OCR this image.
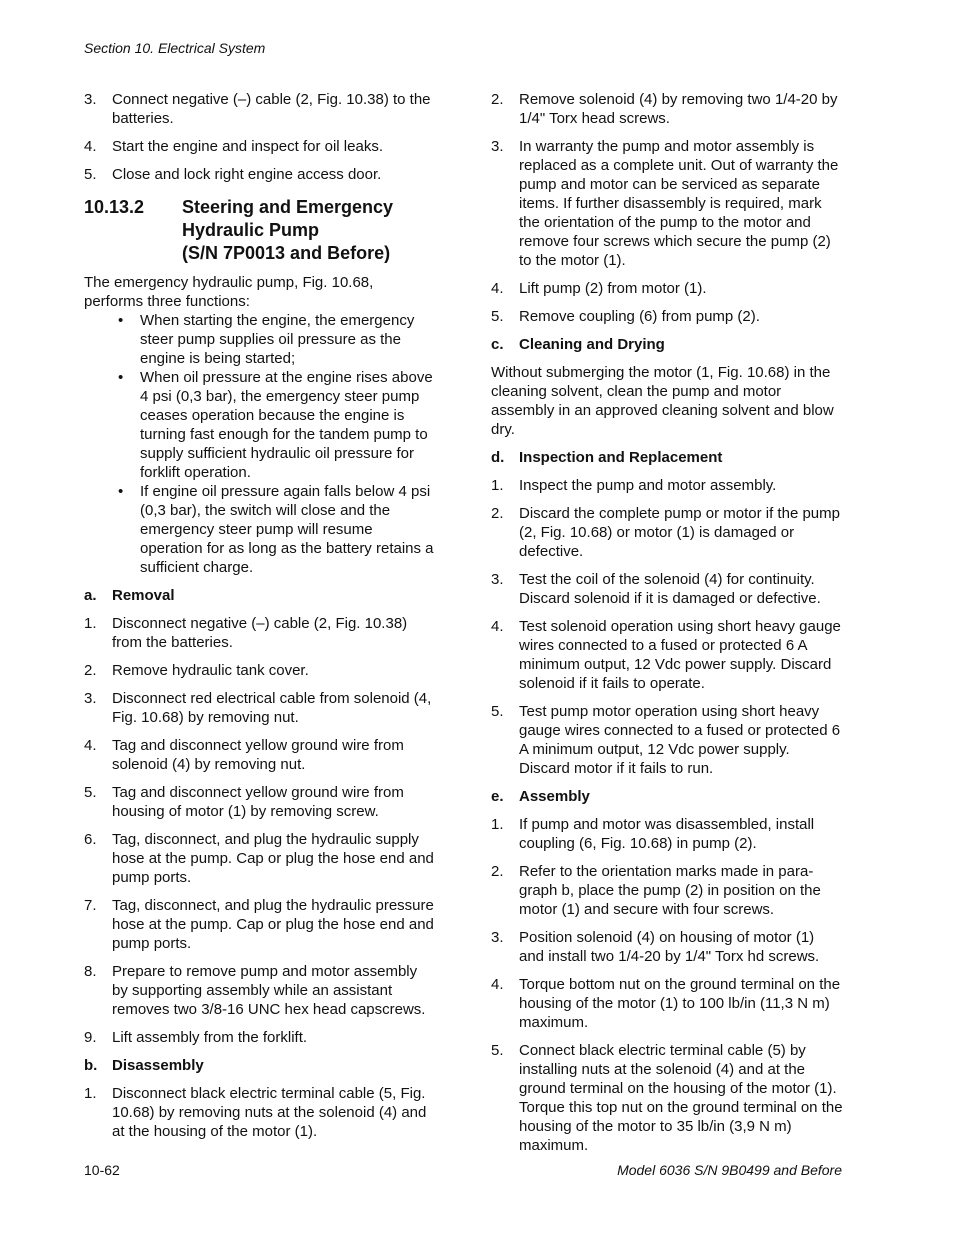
Section 10. Electrical System
3. Connect negative (–) cable (2, Fig. 10.38) to the batteries.
4. Start the engine and inspect for oil leaks.
5. Close and lock right engine access door.
10.13.2 Steering and Emergency
Hydraulic Pump
(S/N 7P0013 and Before)
The emergency hydraulic pump, Fig. 10.68, performs three functions:
• When starting the engine, the emergency steer pump supplies oil pressure as the engine is being started;
• When oil pressure at the engine rises above 4 psi (0,3 bar), the emergency steer pump ceases operation because the engine is turning fast enough for the tandem pump to supply sufficient hydraulic oil pressure for forklift operation.
• If engine oil pressure again falls below 4 psi (0,3 bar), the switch will close and the emergency steer pump will resume operation for as long as the battery retains a sufficient charge.
a. Removal
1. Disconnect negative (–) cable (2, Fig. 10.38) from the batteries.
2. Remove hydraulic tank cover.
3. Disconnect red electrical cable from solenoid (4, Fig. 10.68) by removing nut.
4. Tag and disconnect yellow ground wire from solenoid (4) by removing nut.
5. Tag and disconnect yellow ground wire from housing of motor (1) by removing screw.
6. Tag, disconnect, and plug the hydraulic supply hose at the pump. Cap or plug the hose end and pump ports.
7. Tag, disconnect, and plug the hydraulic pressure hose at the pump. Cap or plug the hose end and pump ports.
8. Prepare to remove pump and motor assembly by supporting assembly while an assistant removes two 3/8-16 UNC hex head capscrews.
9. Lift assembly from the forklift.
b. Disassembly
1. Disconnect black electric terminal cable (5, Fig. 10.68) by removing nuts at the solenoid (4) and at the housing of the motor (1).
2. Remove solenoid (4) by removing two 1/4-20 by 1/4" Torx head screws.
3. In warranty the pump and motor assembly is replaced as a complete unit. Out of warranty the pump and motor can be serviced as separate items. If further disassembly is required, mark the orientation of the pump to the motor and remove four screws which secure the pump (2) to the motor (1).
4. Lift pump (2) from motor (1).
5. Remove coupling (6) from pump (2).
c. Cleaning and Drying
Without submerging the motor (1, Fig. 10.68) in the cleaning solvent, clean the pump and motor assembly in an approved cleaning solvent and blow dry.
d. Inspection and Replacement
1. Inspect the pump and motor assembly.
2. Discard the complete pump or motor if the pump (2, Fig. 10.68) or motor (1) is damaged or defective.
3. Test the coil of the solenoid (4) for continuity. Discard solenoid if it is damaged or defective.
4. Test solenoid operation using short heavy gauge wires connected to a fused or protected 6 A minimum output, 12 Vdc power supply. Discard solenoid if it fails to operate.
5. Test pump motor operation using short heavy gauge wires connected to a fused or protected 6 A minimum output, 12 Vdc power supply. Discard motor if it fails to run.
e. Assembly
1. If pump and motor was disassembled, install coupling (6, Fig. 10.68) in pump (2).
2. Refer to the orientation marks made in para-graph b, place the pump (2) in position on the motor (1) and secure with four screws.
3. Position solenoid (4) on housing of motor (1) and install two 1/4-20 by 1/4" Torx hd screws.
4. Torque bottom nut on the ground terminal on the housing of the motor (1) to 100 lb/in (11,3 N m) maximum.
5. Connect black electric terminal cable (5) by installing nuts at the solenoid (4) and at the ground terminal on the housing of the motor (1). Torque this top nut on the ground terminal on the housing of the motor to 35 lb/in (3,9 N m) maximum.
10-62	Model 6036 S/N 9B0499 and Before
